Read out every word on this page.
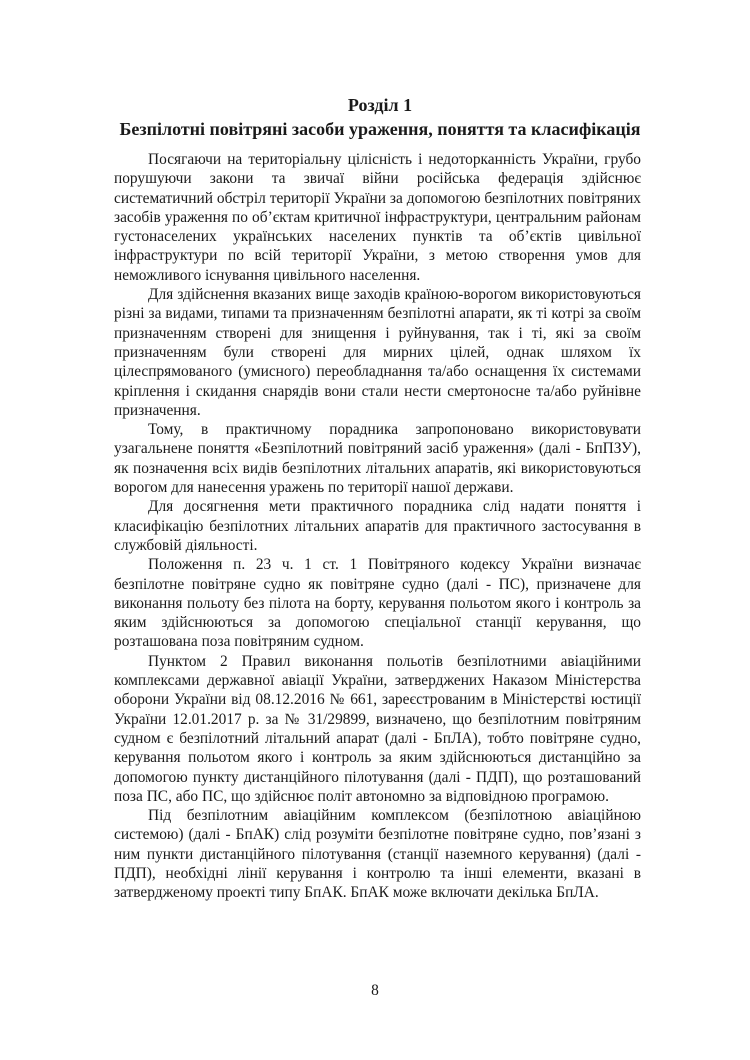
Розділ 1
Безпілотні повітряні засоби ураження, поняття та класифікація

Посягаючи на територіальну цілісність і недоторканність України, грубо порушуючи закони та звичаї війни російська федерація здійснює систематичний обстріл території України за допомогою безпілотних повітряних засобів ураження по об’єктам критичної інфраструктури, центральним районам густонаселених українських населених пунктів та об’єктів цивільної інфраструктури по всій території України, з метою створення умов для неможливого існування цивільного населення.

Для здійснення вказаних вище заходів країною-ворогом використовуються різні за видами, типами та призначенням безпілотні апарати, як ті котрі за своїм призначенням створені для знищення і руйнування, так і ті, які за своїм призначенням були створені для мирних цілей, однак шляхом їх цілеспрямованого (умисного) переобладнання та/або оснащення їх системами кріплення і скидання снарядів вони стали нести смертоносне та/або руйнівне призначення.

Тому, в практичному порадника запропоновано використовувати узагальнене поняття «Безпілотний повітряний засіб ураження» (далі - БпПЗУ), як позначення всіх видів безпілотних літальних апаратів, які використовуються ворогом для нанесення уражень по території нашої держави.

Для досягнення мети практичного порадника слід надати поняття і класифікацію безпілотних літальних апаратів для практичного застосування в службовій діяльності.

Положення п. 23 ч. 1 ст. 1 Повітряного кодексу України визначає безпілотне повітряне судно як повітряне судно (далі - ПС), призначене для виконання польоту без пілота на борту, керування польотом якого і контроль за яким здійснюються за допомогою спеціальної станції керування, що розташована поза повітряним судном.

Пунктом 2 Правил виконання польотів безпілотними авіаційними комплексами державної авіації України, затверджених Наказом Міністерства оборони України від 08.12.2016 № 661, зареєстрованим в Міністерстві юстиції України 12.01.2017 р. за № 31/29899, визначено, що безпілотним повітряним судном є безпілотний літальний апарат (далі - БпЛА), тобто повітряне судно, керування польотом якого і контроль за яким здійснюються дистанційно за допомогою пункту дистанційного пілотування (далі - ПДП), що розташований поза ПС, або ПС, що здійснює політ автономно за відповідною програмою.

Під безпілотним авіаційним комплексом (безпілотною авіаційною системою) (далі - БпАК) слід розуміти безпілотне повітряне судно, пов’язані з ним пункти дистанційного пілотування (станції наземного керування) (далі - ПДП), необхідні лінії керування і контролю та інші елементи, вказані в затвердженому проекті типу БпАК. БпАК може включати декілька БпЛА.

8
